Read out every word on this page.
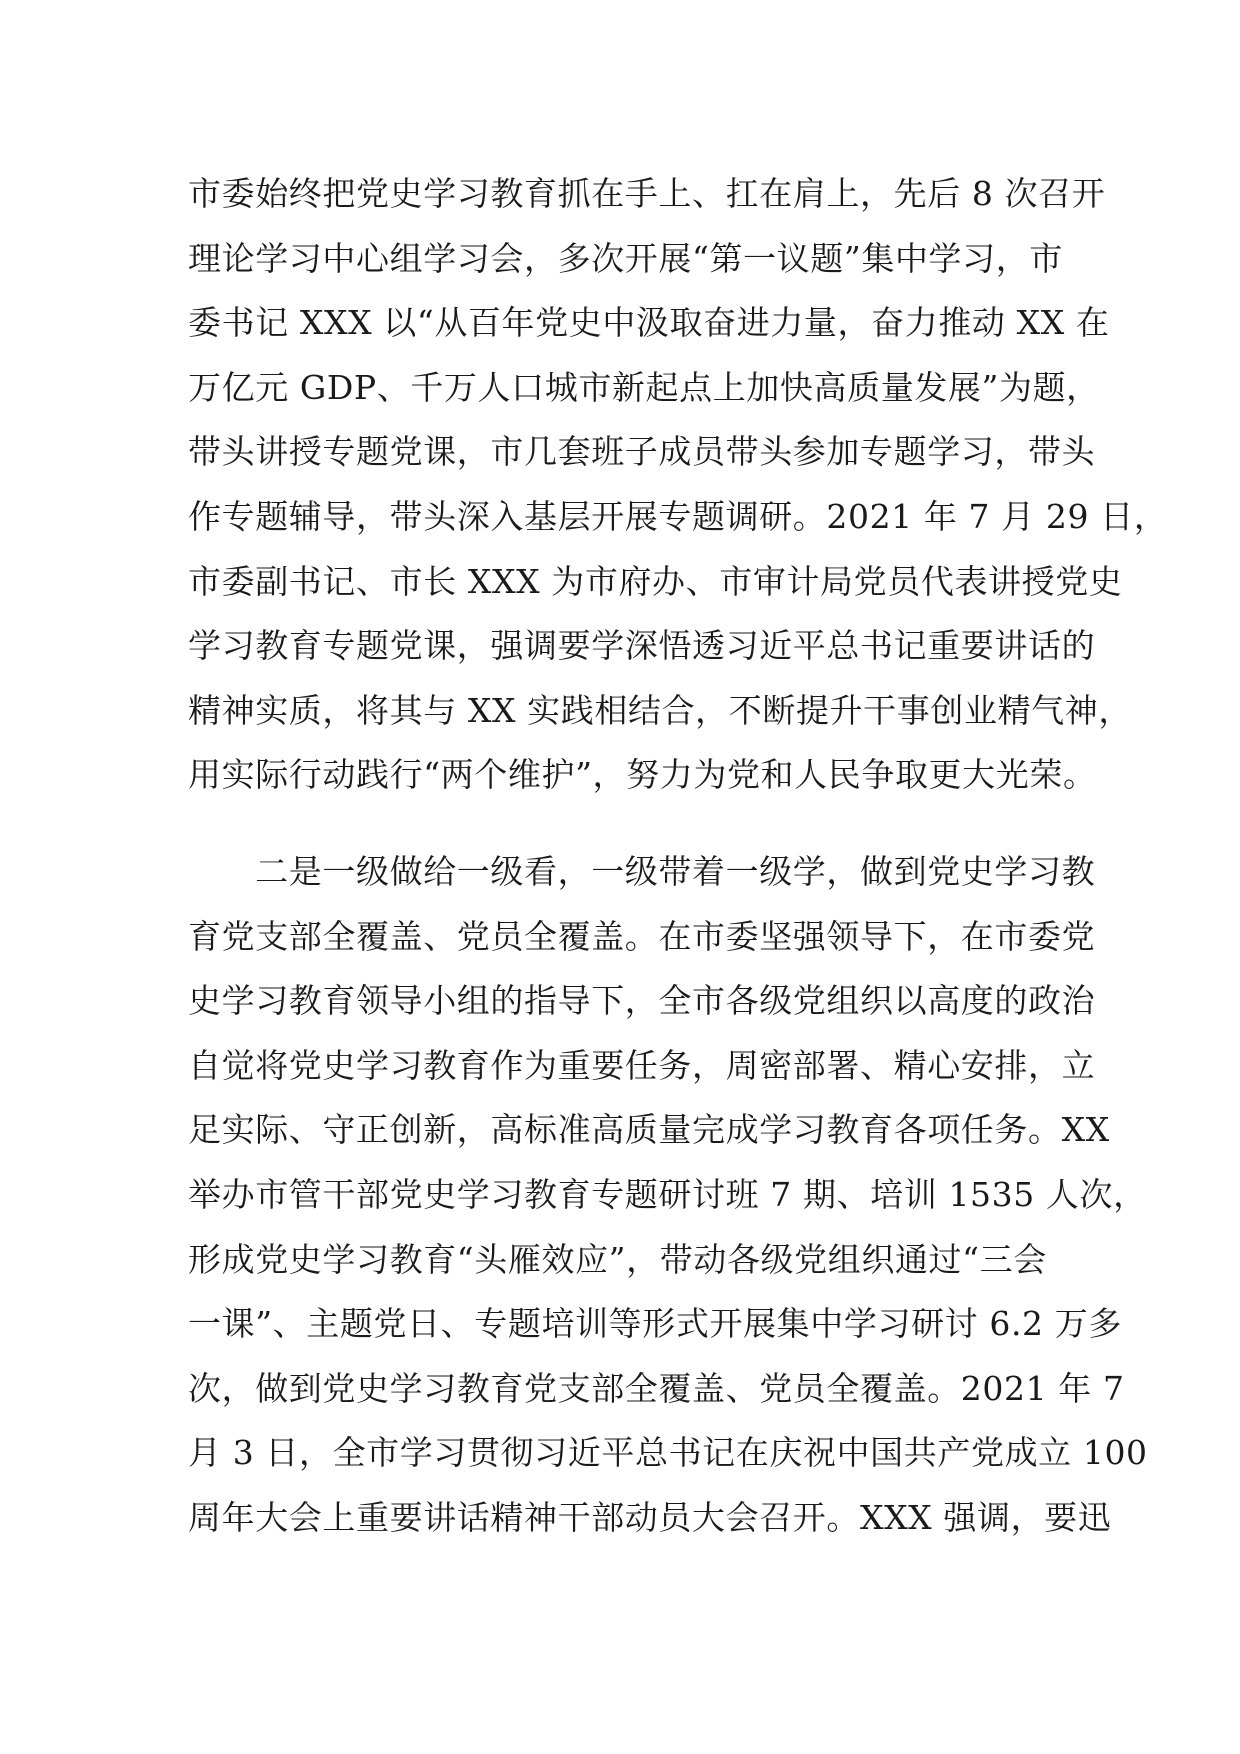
市委始终把党史学习教育抓在手上、扛在肩上，先后 8 次召开
理论学习中心组学习会，多次开展“第一议题”集中学习，市
委书记 XXX 以“从百年党史中汲取奋进力量，奋力推动 XX 在
万亿元 GDP、千万人口城市新起点上加快高质量发展”为题，
带头讲授专题党课，市几套班子成员带头参加专题学习，带头
作专题辅导，带头深入基层开展专题调研。2021 年 7 月 29 日，
市委副书记、市长 XXX 为市府办、市审计局党员代表讲授党史
学习教育专题党课，强调要学深悟透习近平总书记重要讲话的
精神实质，将其与 XX 实践相结合，不断提升干事创业精气神，
用实际行动践行“两个维护”，努力为党和人民争取更大光荣。
　　二是一级做给一级看，一级带着一级学，做到党史学习教
育党支部全覆盖、党员全覆盖。在市委坚强领导下，在市委党
史学习教育领导小组的指导下，全市各级党组织以高度的政治
自觉将党史学习教育作为重要任务，周密部署、精心安排，立
足实际、守正创新，高标准高质量完成学习教育各项任务。XX
举办市管干部党史学习教育专题研讨班 7 期、培训 1535 人次，
形成党史学习教育“头雁效应”，带动各级党组织通过“三会
一课”、主题党日、专题培训等形式开展集中学习研讨 6.2 万多
次，做到党史学习教育党支部全覆盖、党员全覆盖。2021 年 7
月 3 日，全市学习贯彻习近平总书记在庆祝中国共产党成立 100
周年大会上重要讲话精神干部动员大会召开。XXX 强调，要迅
